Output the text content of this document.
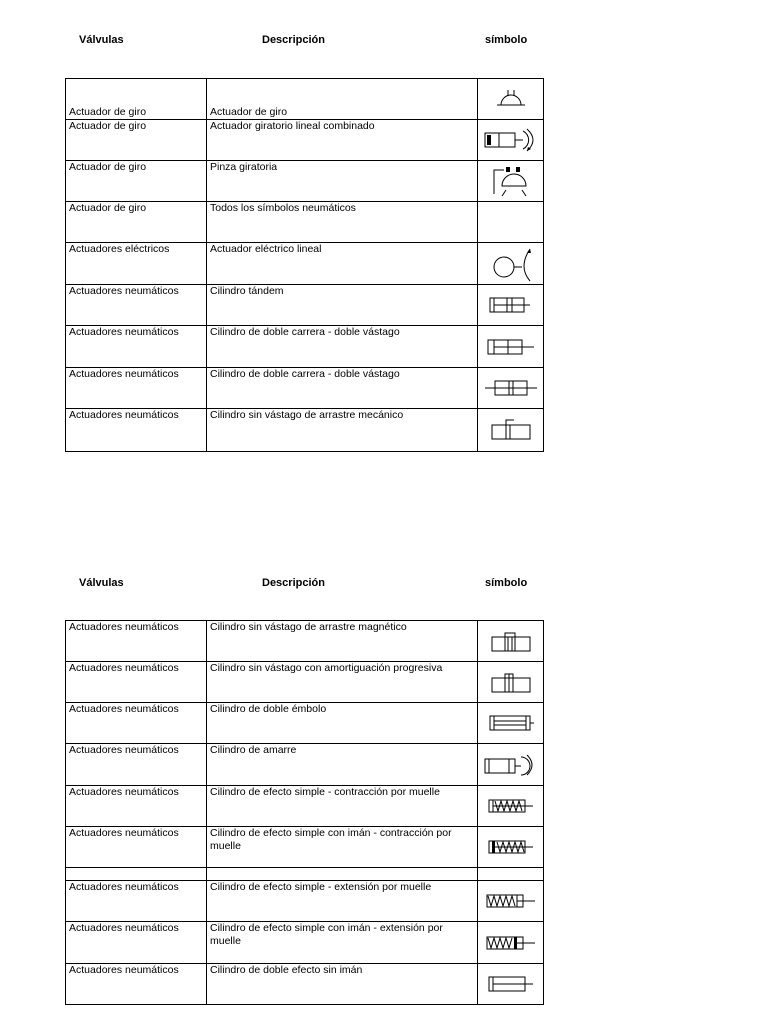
Válvulas	Descripción	símbolo
Actuador de giro	Actuador de giro	

Actuador de giro	Actuador giratorio lineal combinado	

Actuador de giro	Pinza giratoria	

Actuador de giro	Todos los símbolos neumáticos	
Actuadores eléctricos	Actuador eléctrico lineal	

Actuadores neumáticos	Cilindro tándem	

Actuadores neumáticos	Cilindro de doble carrera - doble vástago	

Actuadores neumáticos	Cilindro de doble carrera - doble vástago	

Actuadores neumáticos	Cilindro sin vástago de arrastre mecánico	
Válvulas	Descripción	símbolo
Actuadores neumáticos	Cilindro sin vástago de arrastre magnético	

Actuadores neumáticos	Cilindro sin vástago con amortiguación progresiva	

Actuadores neumáticos	Cilindro de doble émbolo	

Actuadores neumáticos	Cilindro de amarre	

Actuadores neumáticos	Cilindro de efecto simple - contracción por muelle	

Actuadores neumáticos	Cilindro de efecto simple con imán - contracción por muelle	

Actuadores neumáticos	Cilindro de efecto simple - extensión por muelle	

Actuadores neumáticos	Cilindro de efecto simple con imán - extensión por muelle	

Actuadores neumáticos	Cilindro de doble efecto sin imán	
